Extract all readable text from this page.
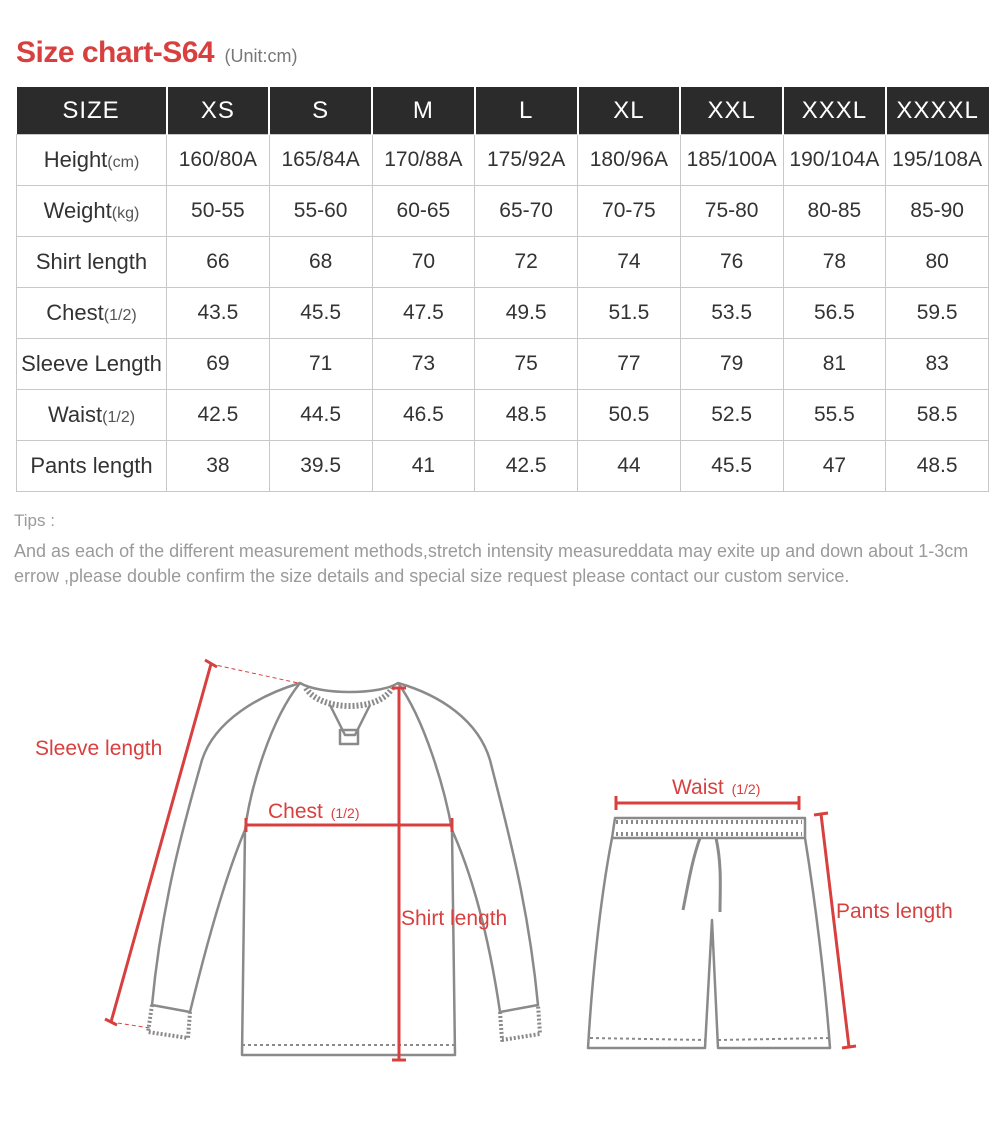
Size chart-S64 (Unit:cm)
SIZE	XS	S	M	L	XL	XXL	XXXL	XXXXL
Height(cm)	160/80A	165/84A	170/88A	175/92A	180/96A	185/100A	190/104A	195/108A
Weight(kg)	50-55	55-60	60-65	65-70	70-75	75-80	80-85	85-90
Shirt length	66	68	70	72	74	76	78	80
Chest(1/2)	43.5	45.5	47.5	49.5	51.5	53.5	56.5	59.5
Sleeve Length	69	71	73	75	77	79	81	83
Waist(1/2)	42.5	44.5	46.5	48.5	50.5	52.5	55.5	58.5
Pants length	38	39.5	41	42.5	44	45.5	47	48.5
Tips :
And as each of the different measurement methods,stretch intensity measureddata may exite up and down about 1-3cm errow ,please double confirm the size details and special size request please contact our custom service.
Sleeve length
Chest (1/2)
Shirt length
Waist (1/2)
Pants length
